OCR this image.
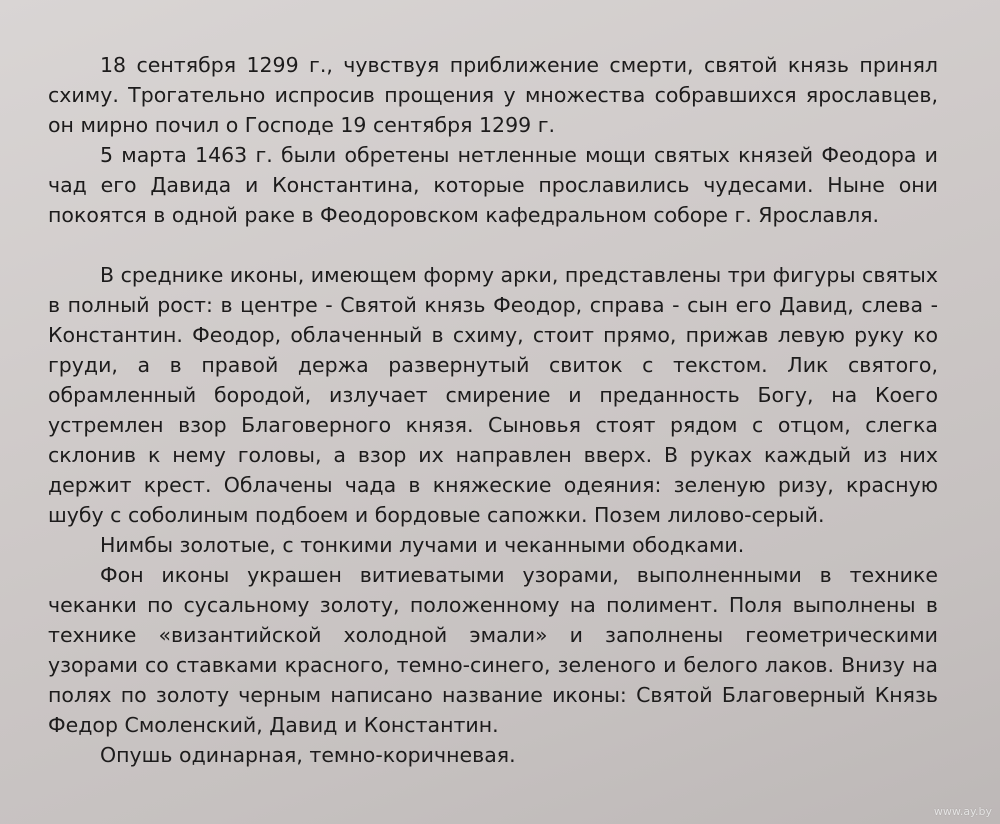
18 сентября 1299 г., чувствуя приближение смерти, святой князь принял схиму. Трогательно испросив прощения у множества собравшихся ярославцев, он мирно почил о Господе 19 сентября 1299 г.

5 марта 1463 г. были обретены нетленные мощи святых князей Феодора и чад его Давида и Константина, которые прославились чудесами. Ныне они покоятся в одной раке в Феодоровском кафедральном соборе г. Ярославля.

В среднике иконы, имеющем форму арки, представлены три фигуры святых в полный рост: в центре - Святой князь Феодор, справа - сын его Давид, слева - Константин. Феодор, облаченный в схиму, стоит прямо, прижав левую руку ко груди, а в правой держа развернутый свиток с текстом. Лик святого, обрамленный бородой, излучает смирение и преданность Богу, на Коего устремлен взор Благоверного князя. Сыновья стоят рядом с отцом, слегка склонив к нему головы, а взор их направлен вверх. В руках каждый из них держит крест. Облачены чада в княжеские одеяния: зеленую ризу, красную шубу с соболиным подбоем и бордовые сапожки. Позем лилово-серый.

Нимбы золотые, с тонкими лучами и чеканными ободками.

Фон иконы украшен витиеватыми узорами, выполненными в технике чеканки по сусальному золоту, положенному на полимент. Поля выполнены в технике «византийской холодной эмали» и заполнены геометрическими узорами со ставками красного, темно-синего, зеленого и белого лаков. Внизу на полях по золоту черным написано название иконы: Святой Благоверный Князь Федор Смоленский, Давид и Константин.

Опушь одинарная, темно-коричневая.

www.ay.by
